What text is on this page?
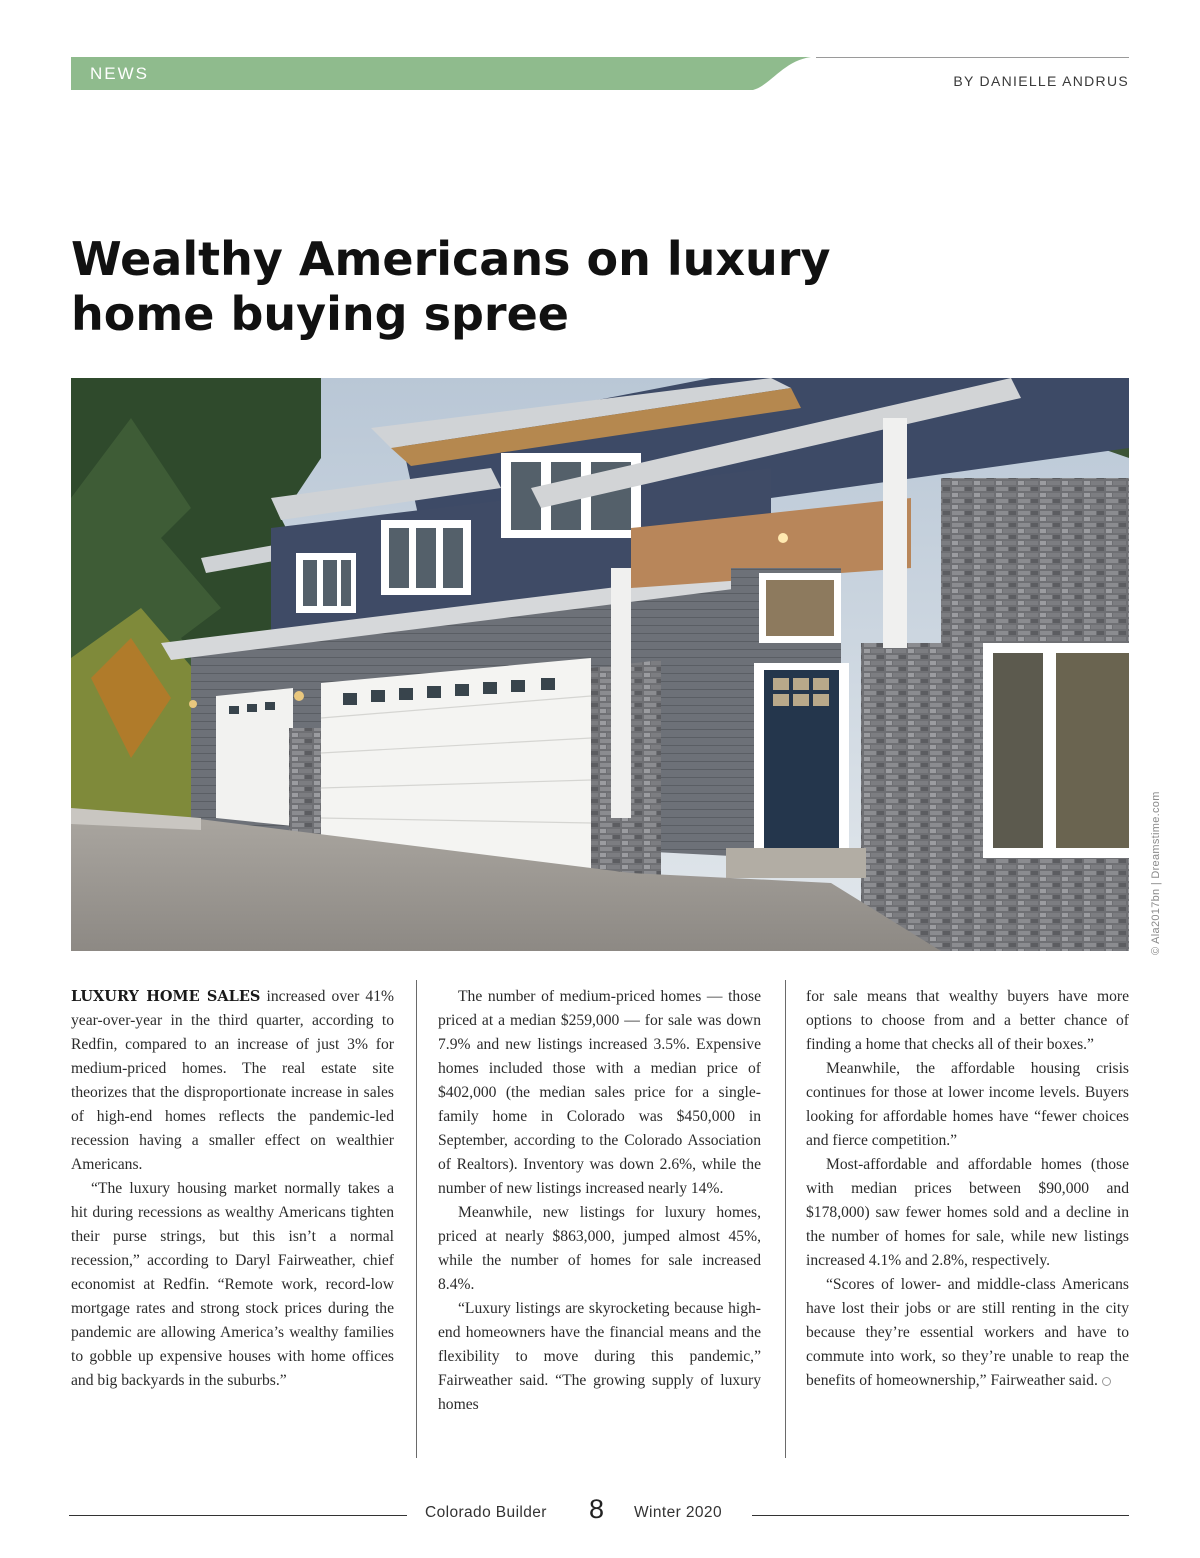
NEWS	BY DANIELLE ANDRUS
Wealthy Americans on luxury
home buying spree
© Ala2017bn | Dreamstime.com

LUXURY HOME SALES increased over 41% year-over-year in the third quarter, according to Redfin, compared to an increase of just 3% for medium-priced homes. The real estate site theorizes that the disproportionate increase in sales of high-end homes reflects the pandemic-led recession having a smaller effect on wealthier Americans.

“The luxury housing market normally takes a hit during recessions as wealthy Americans tighten their purse strings, but this isn’t a normal recession,” according to Daryl Fairweather, chief economist at Redfin. “Remote work, record-low mortgage rates and strong stock prices during the pandemic are allowing America’s wealthy families to gobble up expensive houses with home offices and big backyards in the suburbs.”

The number of medium-priced homes — those priced at a median $259,000 — for sale was down 7.9% and new listings increased 3.5%. Expensive homes included those with a median price of $402,000 (the median sales price for a single-family home in Colorado was $450,000 in September, according to the Colorado Association of Realtors). Inventory was down 2.6%, while the number of new listings increased nearly 14%.

Meanwhile, new listings for luxury homes, priced at nearly $863,000, jumped almost 45%, while the number of homes for sale increased 8.4%.

“Luxury listings are skyrocketing because high-end homeowners have the financial means and the flexibility to move during this pandemic,” Fairweather said. “The growing supply of luxury homes

for sale means that wealthy buyers have more options to choose from and a better chance of finding a home that checks all of their boxes.”

Meanwhile, the affordable housing crisis continues for those at lower income levels. Buyers looking for affordable homes have “fewer choices and fierce competition.”

Most-affordable and affordable homes (those with median prices between $90,000 and $178,000) saw fewer homes sold and a decline in the number of homes for sale, while new listings increased 4.1% and 2.8%, respectively.

“Scores of lower- and middle-class Americans have lost their jobs or are still renting in the city because they’re essential workers and have to commute into work, so they’re unable to reap the benefits of homeownership,” Fairweather said.

Colorado Builder 8 Winter 2020
